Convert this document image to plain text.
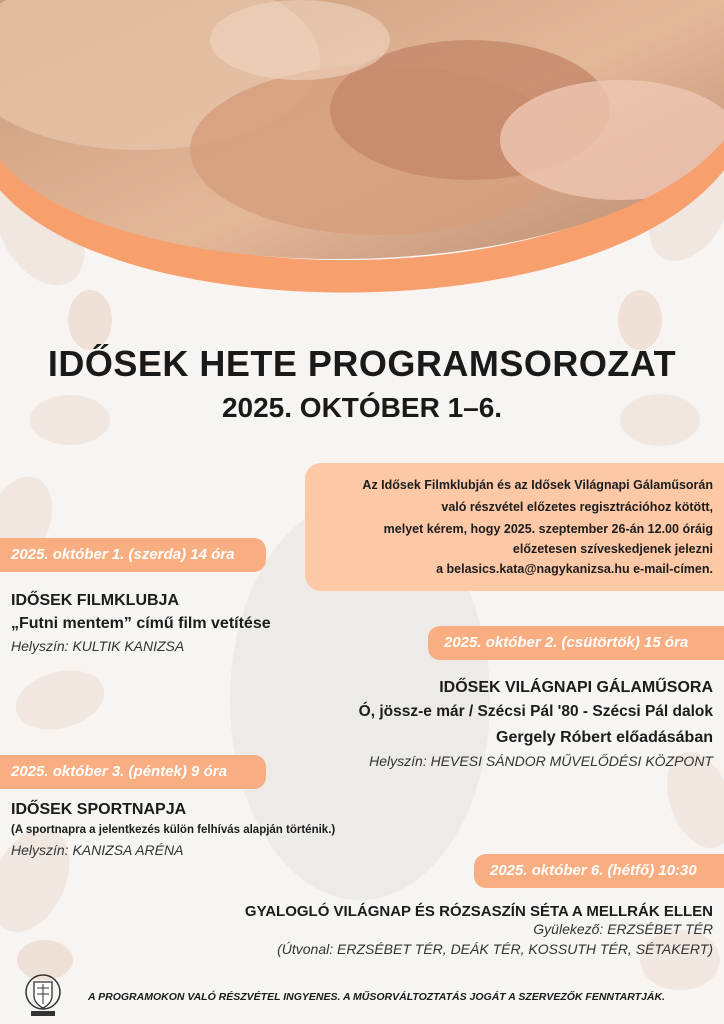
IDŐSEK HETE PROGRAMSOROZAT
2025. OKTÓBER 1–6.
Az Idősek Filmklubján és az Idősek Világnapi Gálaműsorán
való részvétel előzetes regisztrációhoz kötött,
melyet kérem, hogy 2025. szeptember 26-án 12.00 óráig
előzetesen szíveskedjenek jelezni
a belasics.kata@nagykanizsa.hu e-mail-címen.
2025. október 1. (szerda) 14 óra
IDŐSEK FILMKLUBJA
„Futni mentem” című film vetítése
Helyszín: KULTIK KANIZSA	2025. október 2. (csütörtök) 15 óra
IDŐSEK VILÁGNAPI GÁLAMŰSORA
Ó, jössz-e már / Szécsi Pál '80 - Szécsi Pál dalok
Gergely Róbert előadásában
Helyszín: HEVESI SÁNDOR MŰVELŐDÉSI KÖZPONT
2025. október 3. (péntek) 9 óra
IDŐSEK SPORTNAPJA
(A sportnapra a jelentkezés külön felhívás alapján történik.)
Helyszín: KANIZSA ARÉNA
2025. október 6. (hétfő) 10:30
GYALOGLÓ VILÁGNAP ÉS RÓZSASZÍN SÉTA A MELLRÁK ELLEN
Gyülekező: ERZSÉBET TÉR
(Útvonal: ERZSÉBET TÉR, DEÁK TÉR, KOSSUTH TÉR, SÉTAKERT)
A PROGRAMOKON VALÓ RÉSZVÉTEL INGYENES. A MŰSORVÁLTOZTATÁS JOGÁT A SZERVEZŐK FENNTARTJÁK.
